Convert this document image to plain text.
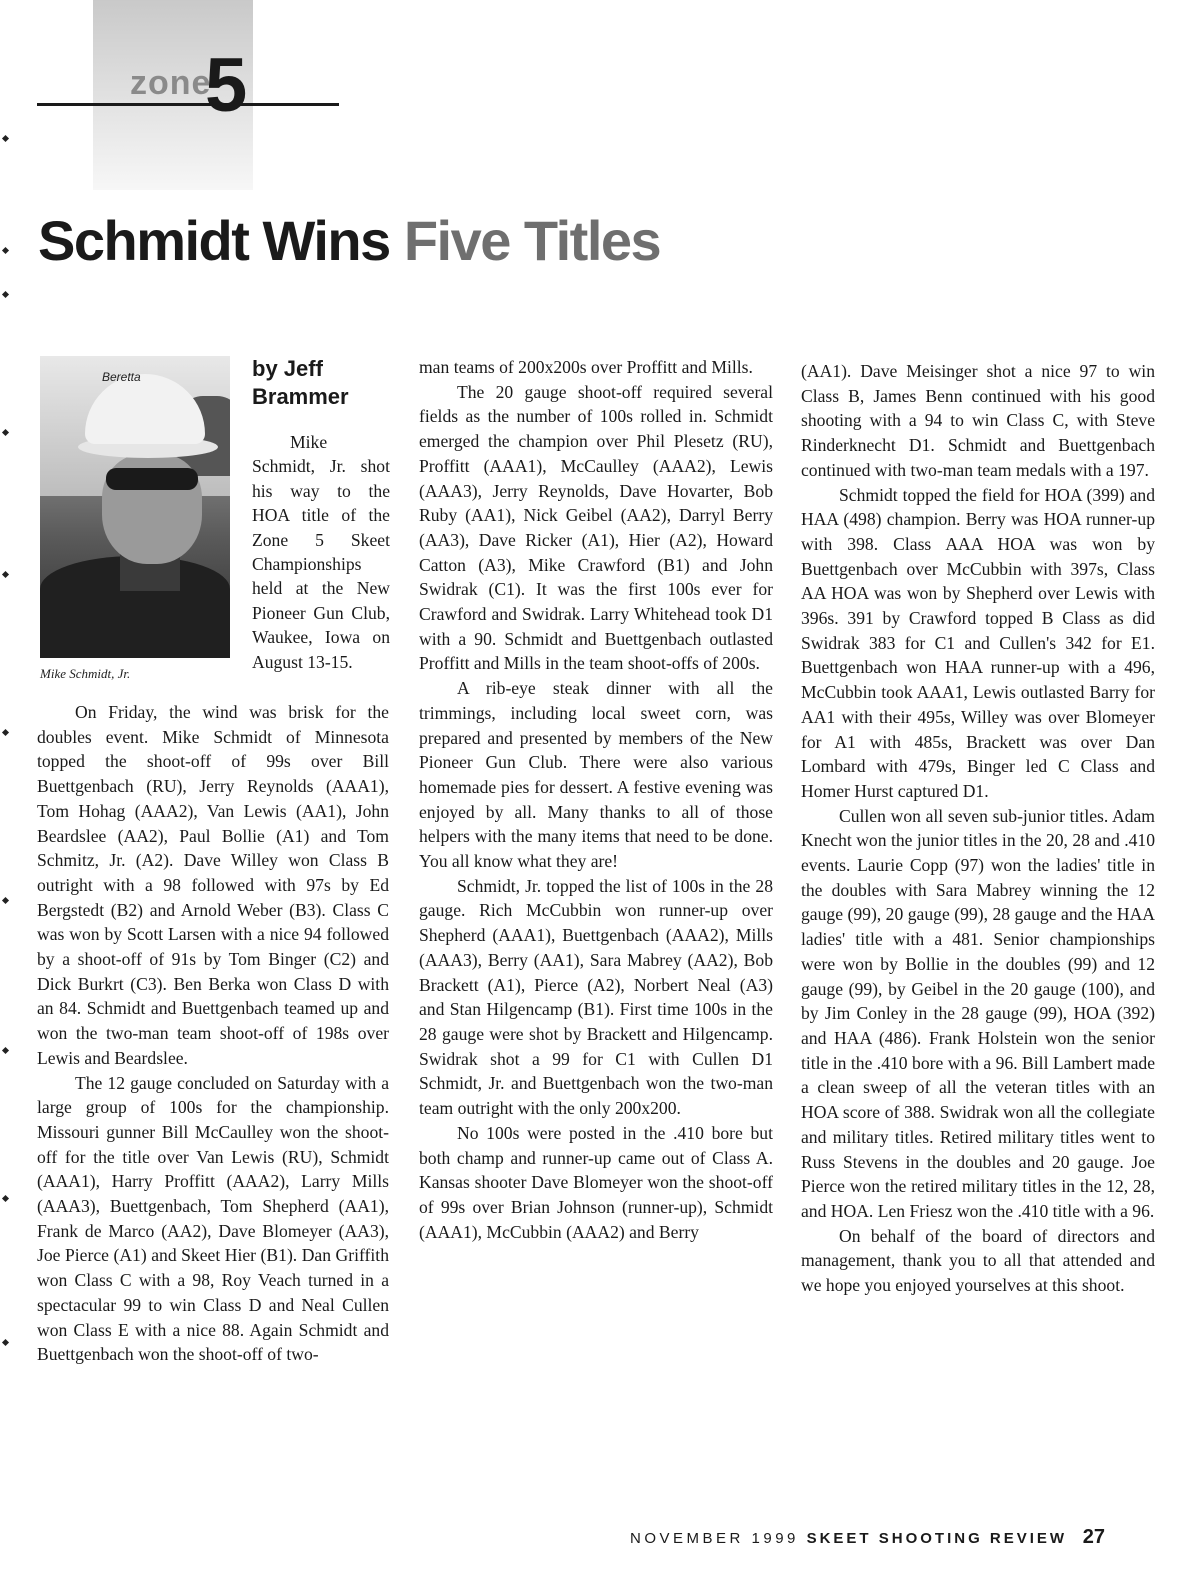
zone
5
Schmidt Wins Five Titles
Beretta
Mike Schmidt, Jr.
by Jeff Brammer

Mike Schmidt, Jr. shot his way to the HOA title of the Zone 5 Skeet Championships held at the New Pioneer Gun Club, Waukee, Iowa on August 13-15.

On Friday, the wind was brisk for the doubles event. Mike Schmidt of Minnesota topped the shoot-off of 99s over Bill Buettgenbach (RU), Jerry Reynolds (AAA1), Tom Hohag (AAA2), Van Lewis (AA1), John Beardslee (AA2), Paul Bollie (A1) and Tom Schmitz, Jr. (A2). Dave Willey won Class B outright with a 98 followed with 97s by Ed Bergstedt (B2) and Arnold Weber (B3). Class C was won by Scott Larsen with a nice 94 followed by a shoot-off of 91s by Tom Binger (C2) and Dick Burkrt (C3). Ben Berka won Class D with an 84. Schmidt and Buettgenbach teamed up and won the two-man team shoot-off of 198s over Lewis and Beardslee.

The 12 gauge concluded on Saturday with a large group of 100s for the championship. Missouri gunner Bill McCaulley won the shoot-off for the title over Van Lewis (RU), Schmidt (AAA1), Harry Proffitt (AAA2), Larry Mills (AAA3), Buettgenbach, Tom Shepherd (AA1), Frank de Marco (AA2), Dave Blomeyer (AA3), Joe Pierce (A1) and Skeet Hier (B1). Dan Griffith won Class C with a 98, Roy Veach turned in a spectacular 99 to win Class D and Neal Cullen won Class E with a nice 88. Again Schmidt and Buettgenbach won the shoot-off of two-

man teams of 200x200s over Proffitt and Mills.

The 20 gauge shoot-off required several fields as the number of 100s rolled in. Schmidt emerged the champion over Phil Plesetz (RU), Proffitt (AAA1), McCaulley (AAA2), Lewis (AAA3), Jerry Reynolds, Dave Hovarter, Bob Ruby (AA1), Nick Geibel (AA2), Darryl Berry (AA3), Dave Ricker (A1), Hier (A2), Howard Catton (A3), Mike Crawford (B1) and John Swidrak (C1). It was the first 100s ever for Crawford and Swidrak. Larry Whitehead took D1 with a 90. Schmidt and Buettgenbach outlasted Proffitt and Mills in the team shoot-offs of 200s.

A rib-eye steak dinner with all the trimmings, including local sweet corn, was prepared and presented by members of the New Pioneer Gun Club. There were also various homemade pies for dessert. A festive evening was enjoyed by all. Many thanks to all of those helpers with the many items that need to be done. You all know what they are!

Schmidt, Jr. topped the list of 100s in the 28 gauge. Rich McCubbin won runner-up over Shepherd (AAA1), Buettgenbach (AAA2), Mills (AAA3), Berry (AA1), Sara Mabrey (AA2), Bob Brackett (A1), Pierce (A2), Norbert Neal (A3) and Stan Hilgencamp (B1). First time 100s in the 28 gauge were shot by Brackett and Hilgencamp. Swidrak shot a 99 for C1 with Cullen D1 Schmidt, Jr. and Buettgenbach won the two-man team outright with the only 200x200.

No 100s were posted in the .410 bore but both champ and runner-up came out of Class A. Kansas shooter Dave Blomeyer won the shoot-off of 99s over Brian Johnson (runner-up), Schmidt (AAA1), McCubbin (AAA2) and Berry

(AA1). Dave Meisinger shot a nice 97 to win Class B, James Benn continued with his good shooting with a 94 to win Class C, with Steve Rinderknecht D1. Schmidt and Buettgenbach continued with two-man team medals with a 197.

Schmidt topped the field for HOA (399) and HAA (498) champion. Berry was HOA runner-up with 398. Class AAA HOA was won by Buettgenbach over McCubbin with 397s, Class AA HOA was won by Shepherd over Lewis with 396s. 391 by Crawford topped B Class as did Swidrak 383 for C1 and Cullen's 342 for E1. Buettgenbach won HAA runner-up with a 496, McCubbin took AAA1, Lewis outlasted Barry for AA1 with their 495s, Willey was over Blomeyer for A1 with 485s, Brackett was over Dan Lombard with 479s, Binger led C Class and Homer Hurst captured D1.

Cullen won all seven sub-junior titles. Adam Knecht won the junior titles in the 20, 28 and .410 events. Laurie Copp (97) won the ladies' title in the doubles with Sara Mabrey winning the 12 gauge (99), 20 gauge (99), 28 gauge and the HAA ladies' title with a 481. Senior championships were won by Bollie in the doubles (99) and 12 gauge (99), by Geibel in the 20 gauge (100), and by Jim Conley in the 28 gauge (99), HOA (392) and HAA (486). Frank Holstein won the senior title in the .410 bore with a 96. Bill Lambert made a clean sweep of all the veteran titles with an HOA score of 388. Swidrak won all the collegiate and military titles. Retired military titles went to Russ Stevens in the doubles and 20 gauge. Joe Pierce won the retired military titles in the 12, 28, and HOA. Len Friesz won the .410 title with a 96.

On behalf of the board of directors and management, thank you to all that attended and we hope you enjoyed yourselves at this shoot.

NOVEMBER 1999 SKEET SHOOTING REVIEW 27
